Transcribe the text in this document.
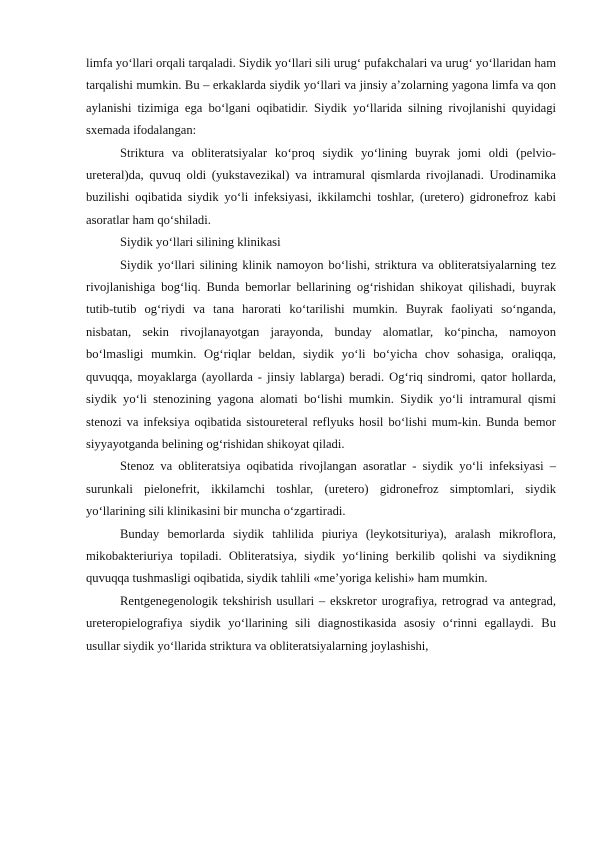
limfa yo‘llari orqali tarqaladi. Siydik yo‘llari sili urug‘ pufakchalari va urug‘ yo‘llaridan ham tarqalishi mumkin. Bu – erkaklarda siydik yo‘llari va jinsiy a’zolarning yagona limfa va qon aylanishi tizimiga ega bo‘lgani oqibatidir. Siydik yo‘llarida silning rivojlanishi quyidagi sxemada ifodalangan:

Striktura va obliteratsiyalar ko‘proq siydik yo‘lining buyrak jomi oldi (pelvio-ureteral)da, quvuq oldi (yukstavezikal) va intramural qismlarda rivojlanadi. Urodinamika buzilishi oqibatida siydik yo‘li infeksiyasi, ikkilamchi toshlar, (uretero) gidronefroz kabi asoratlar ham qo‘shiladi.

Siydik yo‘llari silining klinikasi

Siydik yo‘llari silining klinik namoyon bo‘lishi, striktura va obliteratsiyalarning tez rivojlanishiga bog‘liq. Bunda bemorlar bellarining og‘rishidan shikoyat qilishadi, buyrak tutib-tutib og‘riydi va tana harorati ko‘tarilishi mumkin. Buyrak faoliyati so‘nganda, nisbatan, sekin rivojlanayotgan jarayonda, bunday alomatlar, ko‘pincha, namoyon bo‘lmasligi mumkin. Og‘riqlar beldan, siydik yo‘li bo‘yicha chov sohasiga, oraliqqa, quvuqqa, moyaklarga (ayollarda - jinsiy lablarga) beradi. Og‘riq sindromi, qator hollarda, siydik yo‘li stenozining yagona alomati bo‘lishi mumkin. Siydik yo‘li intramural qismi stenozi va infeksiya oqibatida sistoureteral reflyuks hosil bo‘lishi mum-kin. Bunda bemor siyyayotganda belining og‘rishidan shikoyat qiladi.

Stenoz va obliteratsiya oqibatida rivojlangan asoratlar - siydik yo‘li infeksiyasi – surunkali pielonefrit, ikkilamchi toshlar, (uretero) gidronefroz simptomlari, siydik yo‘llarining sili klinikasini bir muncha o‘zgartiradi.

Bunday bemorlarda siydik tahlilida piuriya (leykotsituriya), aralash mikroflora, mikobakteriuriya topiladi. Obliteratsiya, siydik yo‘lining berkilib qolishi va siydikning quvuqqa tushmasligi oqibatida, siydik tahlili «me’yoriga kelishi» ham mumkin.

Rentgenegenologik tekshirish usullari – ekskretor urografiya, retrograd va antegrad, ureteropielografiya siydik yo‘llarining sili diagnostikasida asosiy o‘rinni egallaydi. Bu usullar siydik yo‘llarida striktura va obliteratsiyalarning joylashishi,
